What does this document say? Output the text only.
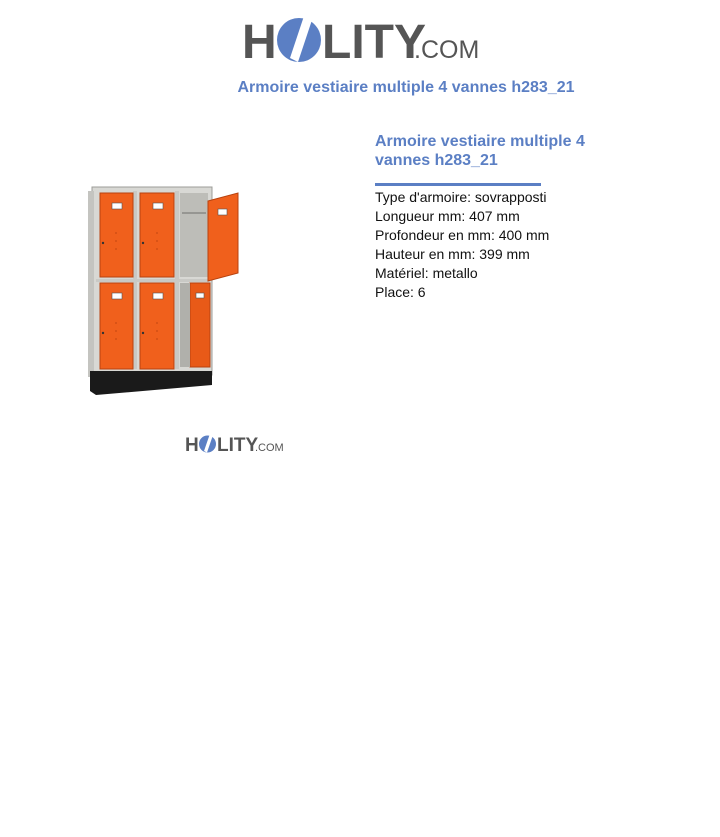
H LITY
.COM
Armoire vestiaire multiple 4 vannes h283_21
H LITY
.COM
Armoire vestiaire multiple 4 vannes h283_21
Type d'armoire: sovrapposti
Longueur mm: 407 mm
Profondeur en mm: 400 mm
Hauteur en mm: 399 mm
Matériel: metallo
Place: 6
